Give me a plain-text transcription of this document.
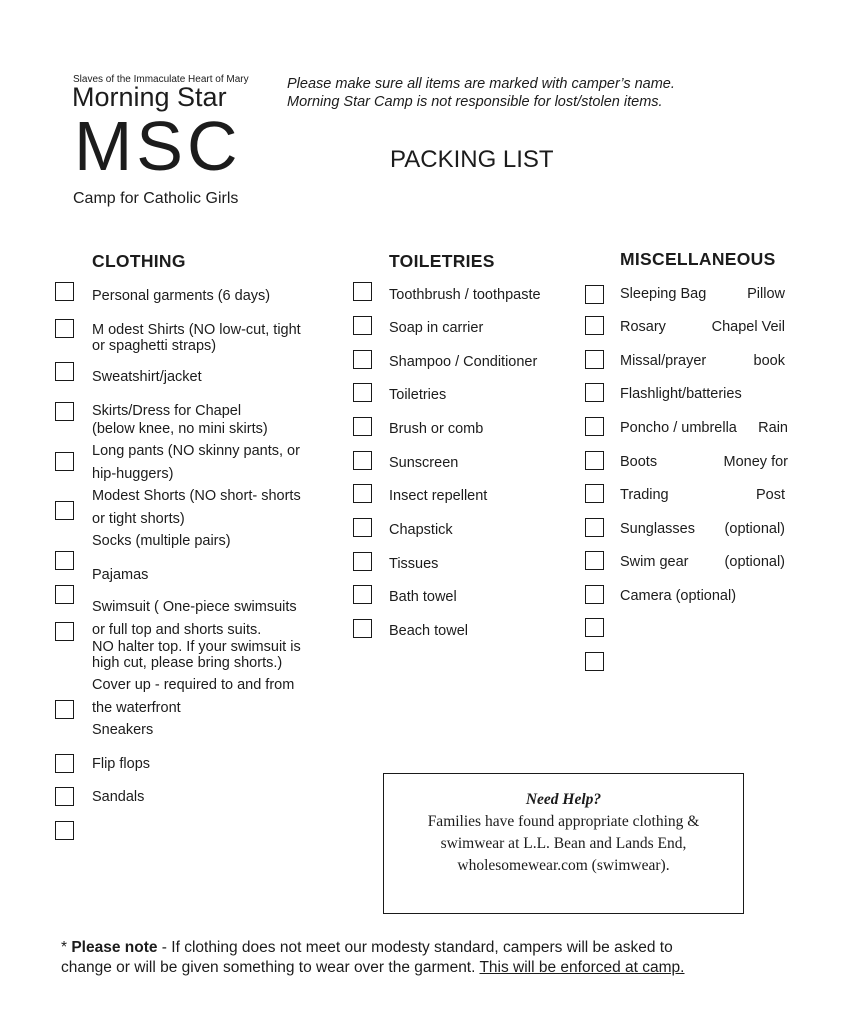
Slaves of the Immaculate Heart of Mary
Morning Star
MSC
Camp for Catholic Girls
Please make sure all items are marked with camper’s name.
Morning Star Camp is not responsible for lost/stolen items.
PACKING LIST
CLOTHING	TOILETRIES	MISCELLANEOUS
Personal garments (6 days)
M odest Shirts (NO low-cut, tight
or spaghetti straps)
Sweatshirt/jacket
Skirts/Dress for Chapel
(below knee, no mini skirts)
Long pants (NO skinny pants, or
hip-huggers)
Modest Shorts (NO short- shorts
or tight shorts)
Socks (multiple pairs)
Pajamas
Swimsuit ( One-piece swimsuits
or full top and shorts suits.
NO halter top. If your swimsuit is
high cut, please bring shorts.)
Cover up - required to and from
the waterfront
Sneakers
Flip flops
Sandals
Toothbrush / toothpaste
Soap in carrier
Shampoo / Conditioner
Toiletries
Brush or comb
Sunscreen
Insect repellent
Chapstick
Tissues
Bath towel
Beach towel
Sleeping Bag	Pillow
Rosary	Chapel Veil
Missal/prayer	book
Flashlight/batteries
Poncho / umbrella Rain
Boots	Money for
Trading	Post
Sunglasses (optional)
Swim gear (optional)
Camera (optional)
Need Help?
Families have found appropriate clothing &
swimwear at L.L. Bean and Lands End,
wholesomewear.com (swimwear).
* Please note - If clothing does not meet our modesty standard, campers will be asked to
change or will be given something to wear over the garment. This will be enforced at camp.
